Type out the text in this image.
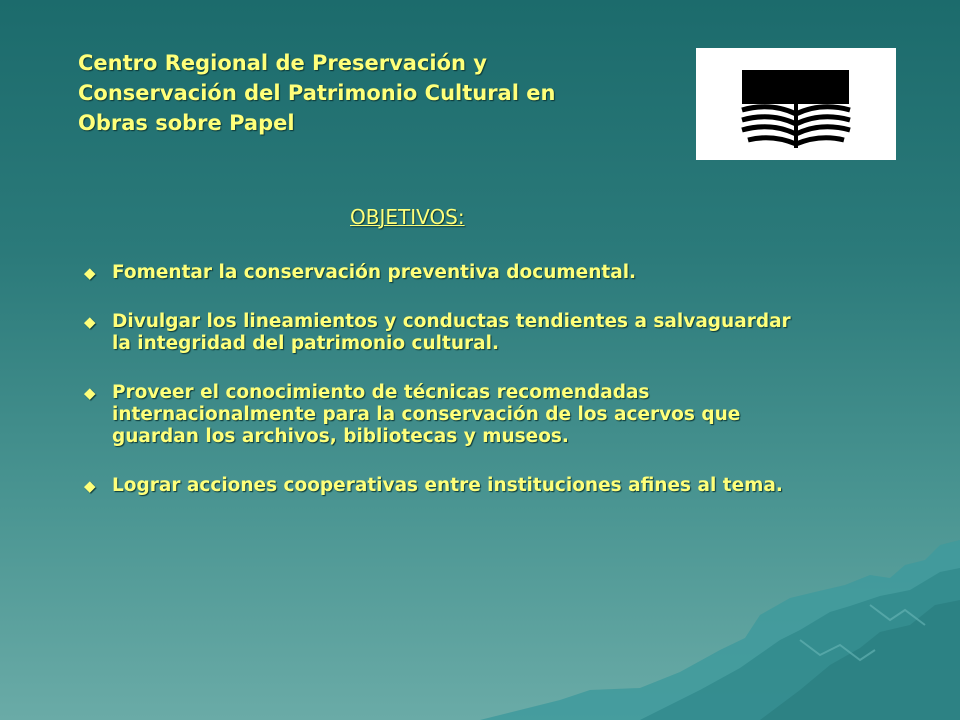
Centro Regional de Preservación y
Conservación del Patrimonio Cultural en
Obras sobre Papel
OBJETIVOS:
◆ Fomentar la conservación preventiva documental.
◆ Divulgar los lineamientos y conductas tendientes a salvaguardar la integridad del patrimonio cultural.
◆ Proveer el conocimiento de técnicas recomendadas internacionalmente para la conservación de los acervos que guardan los archivos, bibliotecas y museos.
◆ Lograr acciones cooperativas entre instituciones afines al tema.
